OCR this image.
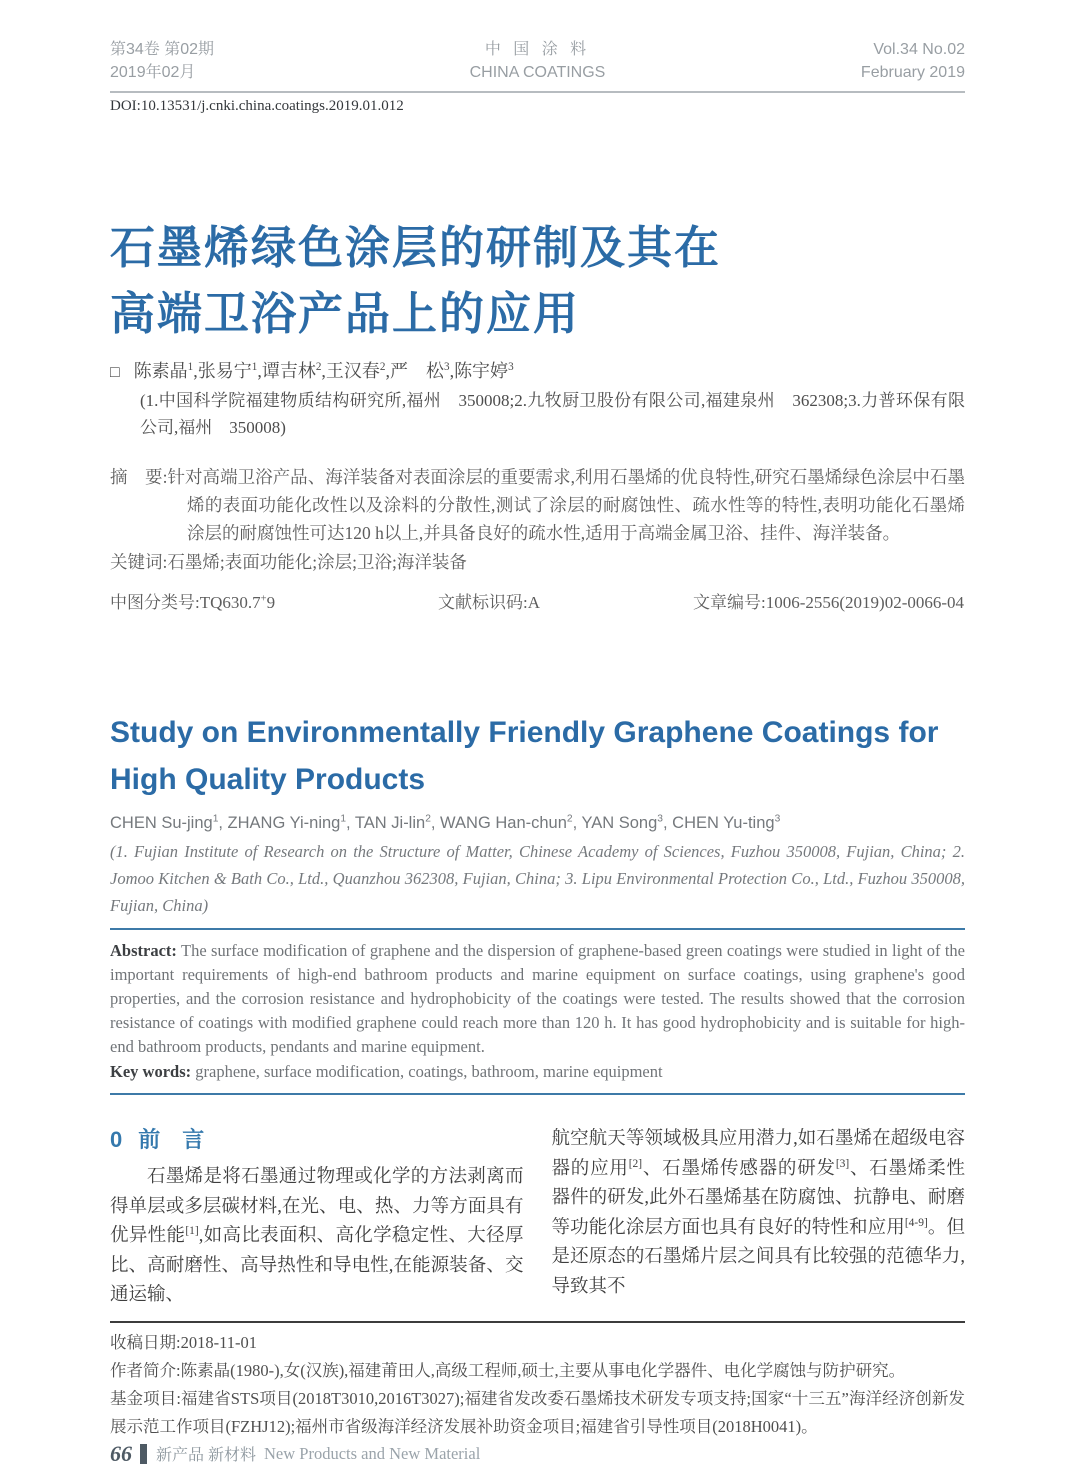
第34卷 第02期
2019年02月
中 国 涂 料
CHINA COATINGS
Vol.34 No.02
February 2019
DOI:10.13531/j.cnki.china.coatings.2019.01.012
石墨烯绿色涂层的研制及其在
高端卫浴产品上的应用
□ 陈素晶$^1$,张易宁$^1$,谭吉林$^2$,王汉春$^2$,严　松$^3$,陈宇婷$^3$
(1.中国科学院福建物质结构研究所,福州　350008;2.九牧厨卫股份有限公司,福建泉州　362308;3.力普环保有限公司,福州　350008)

摘　要:针对高端卫浴产品、海洋装备对表面涂层的重要需求,利用石墨烯的优良特性,研究石墨烯绿色涂层中石墨烯的表面功能化改性以及涂料的分散性,测试了涂层的耐腐蚀性、疏水性等的特性,表明功能化石墨烯涂层的耐腐蚀性可达120 h以上,并具备良好的疏水性,适用于高端金属卫浴、挂件、海洋装备。

关键词:石墨烯;表面功能化;涂层;卫浴;海洋装备

中图分类号:TQ630.7+9	文献标识码:A	文章编号:1006-2556(2019)02-0066-04
Study on Environmentally Friendly Graphene Coatings for
High Quality Products
CHEN Su-jing$^1$, ZHANG Yi-ning$^1$, TAN Ji-lin$^2$, WANG Han-chun$^2$, YAN Song$^3$, CHEN Yu-ting$^3$
(1. Fujian Institute of Research on the Structure of Matter, Chinese Academy of Sciences, Fuzhou 350008, Fujian, China; 2. Jomoo Kitchen & Bath Co., Ltd., Quanzhou 362308, Fujian, China; 3. Lipu Environmental Protection Co., Ltd., Fuzhou 350008, Fujian, China)

Abstract: The surface modification of graphene and the dispersion of graphene-based green coatings were studied in light of the important requirements of high-end bathroom products and marine equipment on surface coatings, using graphene's good properties, and the corrosion resistance and hydrophobicity of the coatings were tested. The results showed that the corrosion resistance of coatings with modified graphene could reach more than 120 h. It has good hydrophobicity and is suitable for high-end bathroom products, pendants and marine equipment.

Key words: graphene, surface modification, coatings, bathroom, marine equipment

0 前　言

石墨烯是将石墨通过物理或化学的方法剥离而得单层或多层碳材料,在光、电、热、力等方面具有优异性能[1],如高比表面积、高化学稳定性、大径厚比、高耐磨性、高导热性和导电性,在能源装备、交通运输、

航空航天等领域极具应用潜力,如石墨烯在超级电容器的应用[2]、石墨烯传感器的研发[3]、石墨烯柔性器件的研发,此外石墨烯基在防腐蚀、抗静电、耐磨等功能化涂层方面也具有良好的特性和应用[4-9]。但是还原态的石墨烯片层之间具有比较强的范德华力,导致其不

收稿日期:2018-11-01
作者简介:陈素晶(1980-),女(汉族),福建莆田人,高级工程师,硕士,主要从事电化学器件、电化学腐蚀与防护研究。
基金项目:福建省STS项目(2018T3010,2016T3027);福建省发改委石墨烯技术研发专项支持;国家“十三五”海洋经济创新发展示范工作项目(FZHJ12);福州市省级海洋经济发展补助资金项目;福建省引导性项目(2018H0041)。
66 新产品 新材料 New Products and New Material
